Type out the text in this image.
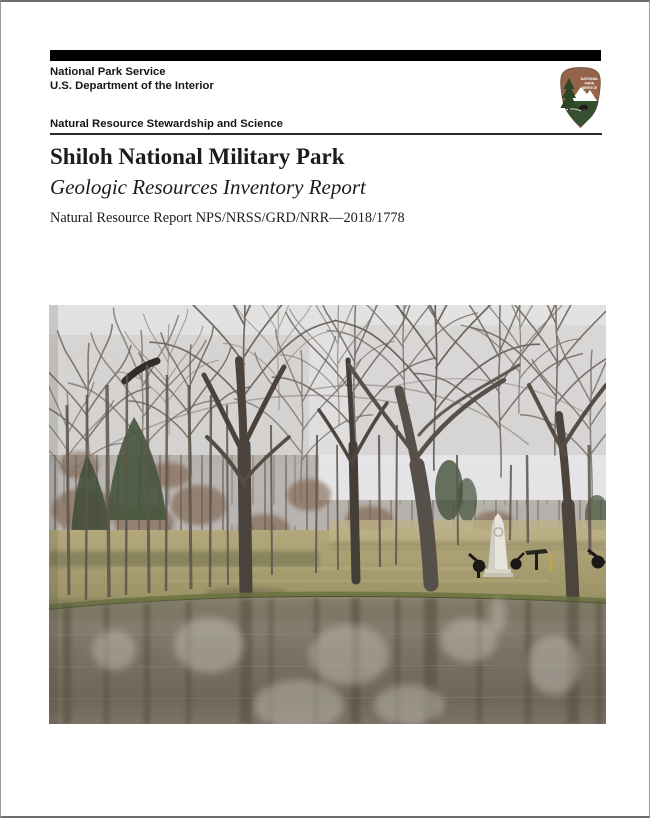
National Park Service
U.S. Department of the Interior
NATIONAL
PARK
SERVICE
Natural Resource Stewardship and Science
Shiloh National Military Park
Geologic Resources Inventory Report
Natural Resource Report NPS/NRSS/GRD/NRR—2018/1778
